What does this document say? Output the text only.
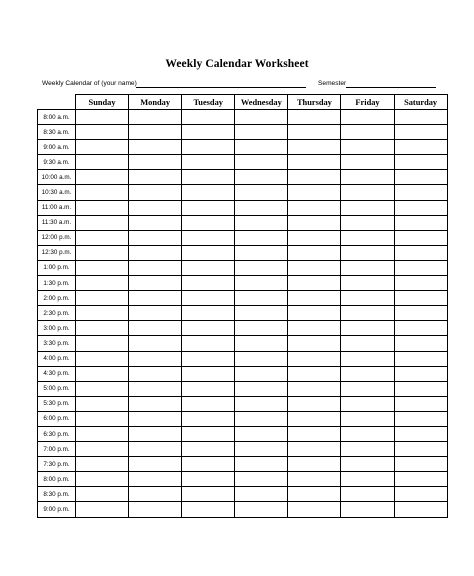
Weekly Calendar Worksheet
Weekly Calendar of (your name)	Semester
	Sunday	Monday	Tuesday	Wednesday	Thursday	Friday	Saturday
8:00 a.m.							
8:30 a.m.							
9:00 a.m.							
9:30 a.m.							
10:00 a.m.							
10:30 a.m.							
11:00 a.m.							
11:30 a.m.							
12:00 p.m.							
12:30 p.m.							
1:00 p.m.							
1:30 p.m.							
2:00 p.m.							
2:30 p.m.							
3:00 p.m.							
3:30 p.m.							
4:00 p.m.							
4:30 p.m.							
5:00 p.m.							
5:30 p.m.							
6:00 p.m.							
6:30 p.m.							
7:00 p.m.							
7:30 p.m.							
8:00 p.m.							
8:30 p.m.							
9:00 p.m.							
